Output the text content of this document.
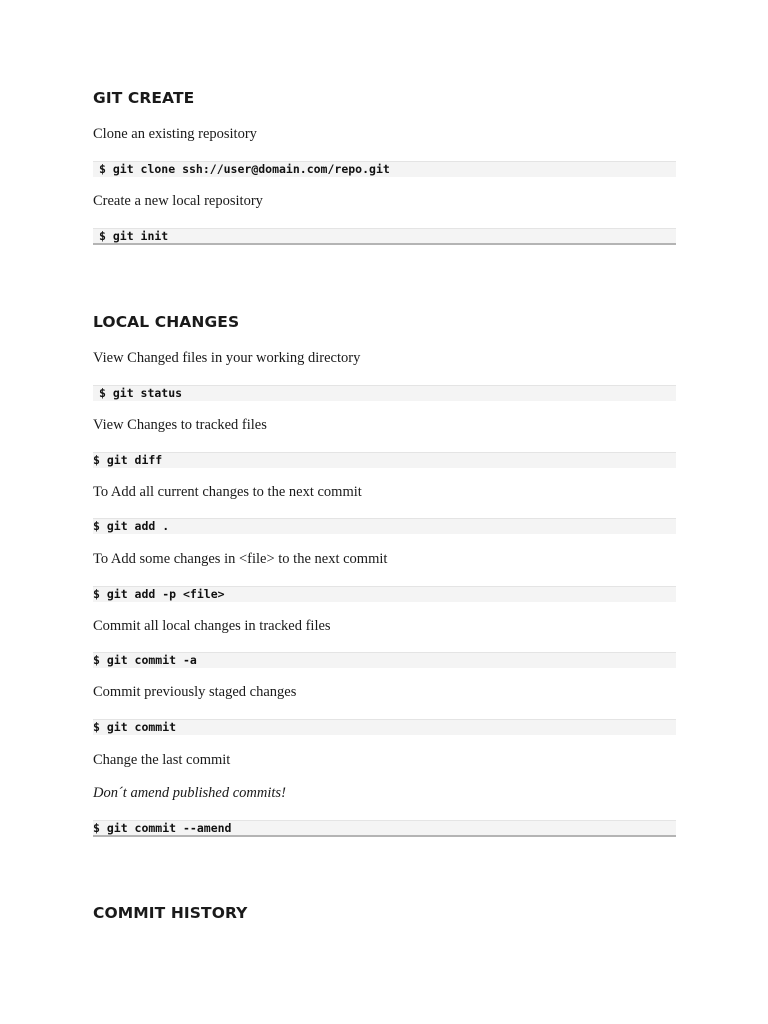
GIT CREATE
Clone an existing repository
$ git clone ssh://user@domain.com/repo.git
Create a new local repository
$ git init
LOCAL CHANGES
View Changed files in your working directory
$ git status
View Changes to tracked files
$ git diff
To Add all current changes to the next commit
$ git add .
To Add some changes in <file> to the next commit
$ git add -p <file>
Commit all local changes in tracked files
$ git commit -a
Commit previously staged changes
$ git commit
Change the last commit
Don´t amend published commits!
$ git commit --amend
COMMIT HISTORY
